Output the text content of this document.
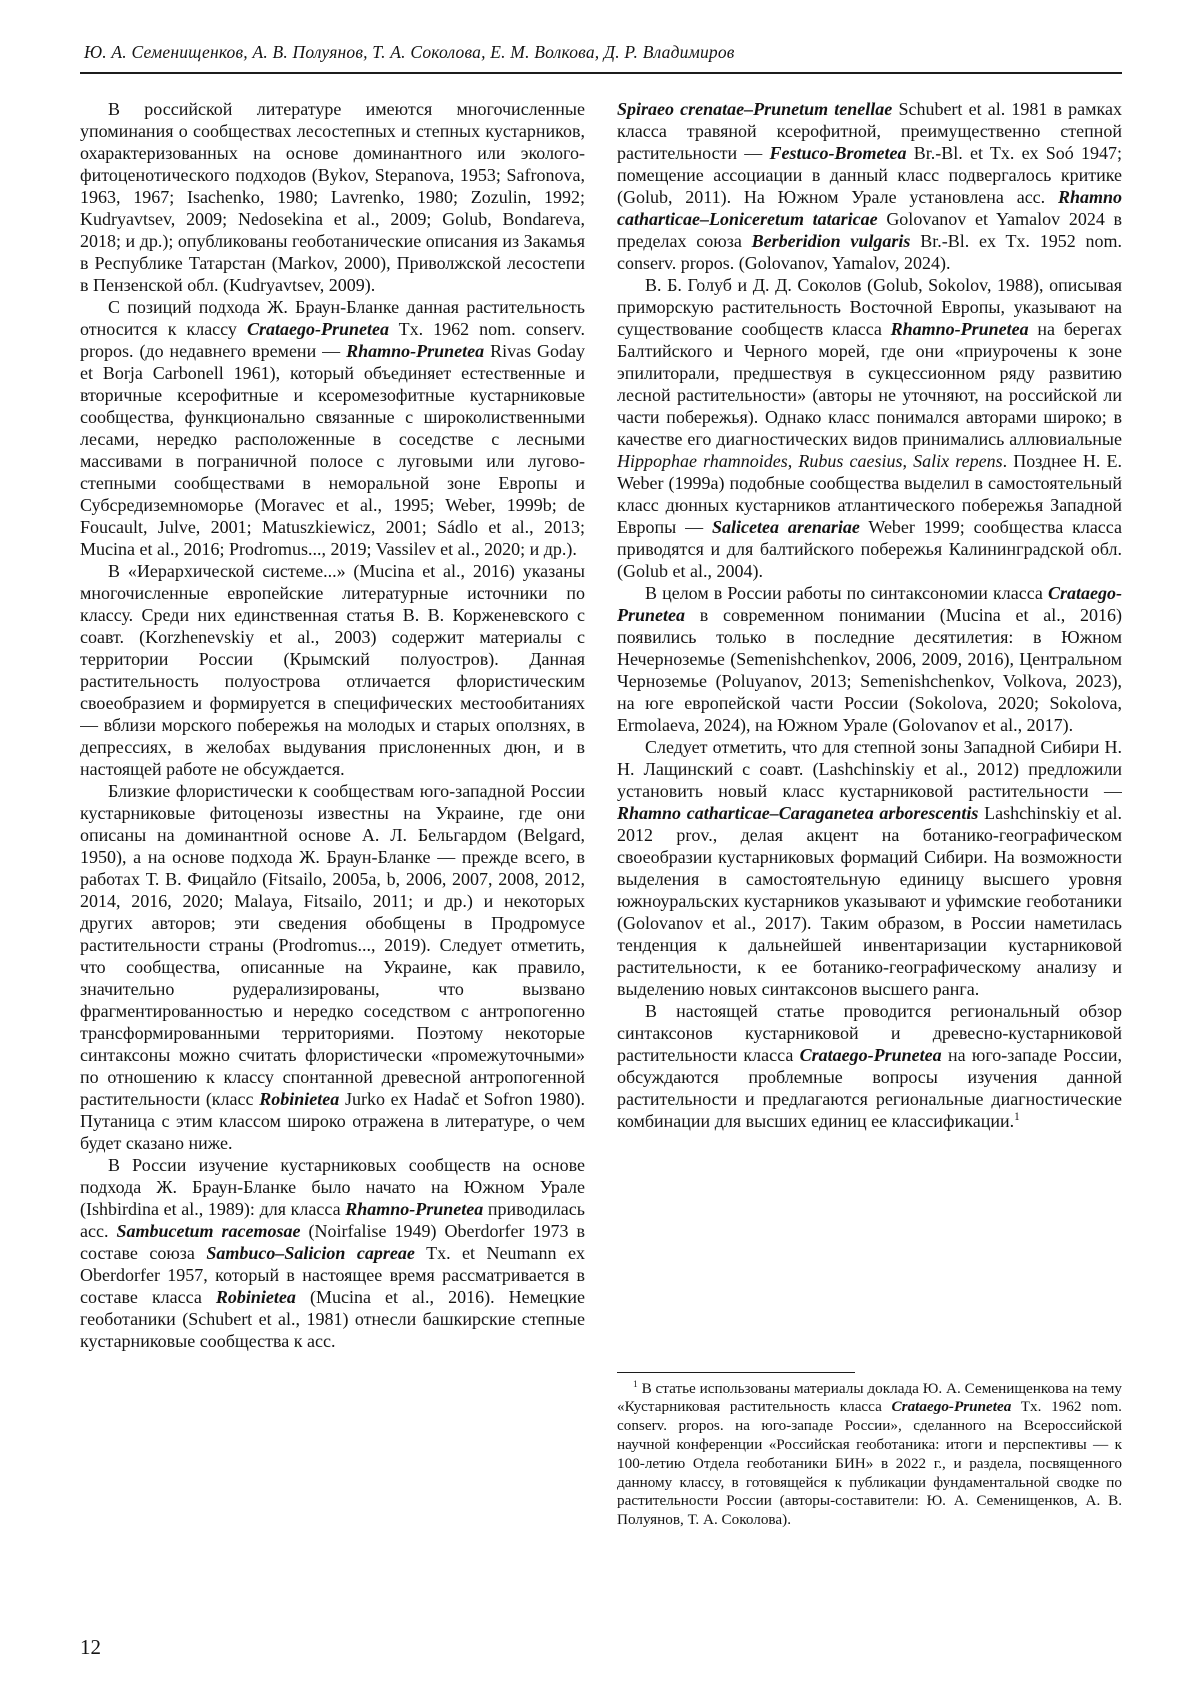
Ю. А. Семенищенков, А. В. Полуянов, Т. А. Соколова, Е. М. Волкова, Д. Р. Владимиров

В российской литературе имеются многочисленные упоминания о сообществах лесостепных и степных кустарников, охарактеризованных на основе доминантного или эколого-фитоценотического подходов (Bykov, Stepanova, 1953; Safronova, 1963, 1967; Isachenko, 1980; Lavrenko, 1980; Zozulin, 1992; Kudryavtsev, 2009; Nedosekina et al., 2009; Golub, Bondareva, 2018; и др.); опубликованы геоботанические описания из Закамья в Республике Татарстан (Markov, 2000), Приволжской лесостепи в Пензенской обл. (Kudryavtsev, 2009).

С позиций подхода Ж. Браун-Бланке данная растительность относится к классу Crataego-Prunetea Tx. 1962 nom. conserv. propos. (до недавнего времени — Rhamno-Prunetea Rivas Goday et Borja Carbonell 1961), который объединяет естественные и вторичные ксерофитные и ксеромезофитные кустарниковые сообщества, функционально связанные с широколиственными лесами, нередко расположенные в соседстве с лесными массивами в пограничной полосе с луговыми или лугово-степными сообществами в неморальной зоне Европы и Субсредиземноморье (Moravec et al., 1995; Weber, 1999b; de Foucault, Julve, 2001; Matuszkiewicz, 2001; Sádlo et al., 2013; Mucina et al., 2016; Prodromus..., 2019; Vassilev et al., 2020; и др.).

В «Иерархической системе...» (Mucina et al., 2016) указаны многочисленные европейские литературные источники по классу. Среди них единственная статья В. В. Корженевского с соавт. (Korzhenevskiy et al., 2003) содержит материалы с территории России (Крымский полуостров). Данная растительность полуострова отличается флористическим своеобразием и формируется в специфических местообитаниях — вблизи морского побережья на молодых и старых оползнях, в депрессиях, в желобах выдувания прислоненных дюн, и в настоящей работе не обсуждается.

Близкие флористически к сообществам юго-западной России кустарниковые фитоценозы известны на Украине, где они описаны на доминантной основе А. Л. Бельгардом (Belgard, 1950), а на основе подхода Ж. Браун-Бланке — прежде всего, в работах Т. В. Фицайло (Fitsailo, 2005a, b, 2006, 2007, 2008, 2012, 2014, 2016, 2020; Malaya, Fitsailo, 2011; и др.) и некоторых других авторов; эти сведения обобщены в Продромусе растительности страны (Prodromus..., 2019). Следует отметить, что сообщества, описанные на Украине, как правило, значительно рудерализированы, что вызвано фрагментированностью и нередко соседством с антропогенно трансформированными территориями. Поэтому некоторые синтаксоны можно считать флористически «промежуточными» по отношению к классу спонтанной древесной антропогенной растительности (класс Robinietea Jurko ex Hadač et Sofron 1980). Путаница с этим классом широко отражена в литературе, о чем будет сказано ниже.

В России изучение кустарниковых сообществ на основе подхода Ж. Браун-Бланке было начато на Южном Урале (Ishbirdina et al., 1989): для класса Rhamno-Prunetea приводилась асс. Sambucetum racemosae (Noirfalise 1949) Oberdorfer 1973 в составе союза Sambuco–Salicion capreae Tx. et Neumann ex Oberdorfer 1957, который в настоящее время рассматривается в составе класса Robinietea (Mucina et al., 2016). Немецкие геоботаники (Schubert et al., 1981) отнесли башкирские степные кустарниковые сообщества к асс.

Spiraeo crenatae–Prunetum tenellae Schubert et al. 1981 в рамках класса травяной ксерофитной, преимущественно степной растительности — Festuco-Brometea Br.-Bl. et Tx. ex Soó 1947; помещение ассоциации в данный класс подвергалось критике (Golub, 2011). На Южном Урале установлена асс. Rhamno catharticae–Loniceretum tataricae Golovanov et Yamalov 2024 в пределах союза Berberidion vulgaris Br.-Bl. ex Tx. 1952 nom. conserv. propos. (Golovanov, Yamalov, 2024).

В. Б. Голуб и Д. Д. Соколов (Golub, Sokolov, 1988), описывая приморскую растительность Восточной Европы, указывают на существование сообществ класса Rhamno-Prunetea на берегах Балтийского и Черного морей, где они «приурочены к зоне эпилиторали, предшествуя в сукцессионном ряду развитию лесной растительности» (авторы не уточняют, на российской ли части побережья). Однако класс понимался авторами широко; в качестве его диагностических видов принимались аллювиальные Hippophae rhamnoides, Rubus caesius, Salix repens. Позднее H. E. Weber (1999a) подобные сообщества выделил в самостоятельный класс дюнных кустарников атлантического побережья Западной Европы — Salicetea arenariae Weber 1999; сообщества класса приводятся и для балтийского побережья Калининградской обл. (Golub et al., 2004).

В целом в России работы по синтаксономии класса Crataego-Prunetea в современном понимании (Mucina et al., 2016) появились только в последние десятилетия: в Южном Нечерноземье (Semenishchenkov, 2006, 2009, 2016), Центральном Черноземье (Poluyanov, 2013; Semenishchenkov, Volkova, 2023), на юге европейской части России (Sokolova, 2020; Sokolova, Ermolaeva, 2024), на Южном Урале (Golovanov et al., 2017).

Следует отметить, что для степной зоны Западной Сибири Н. Н. Лащинский с соавт. (Lashchinskiy et al., 2012) предложили установить новый класс кустарниковой растительности — Rhamno catharticae–Caraganetea arborescentis Lashchinskiy et al. 2012 prov., делая акцент на ботанико-географическом своеобразии кустарниковых формаций Сибири. На возможности выделения в самостоятельную единицу высшего уровня южноуральских кустарников указывают и уфимские геоботаники (Golovanov et al., 2017). Таким образом, в России наметилась тенденция к дальнейшей инвентаризации кустарниковой растительности, к ее ботанико-географическому анализу и выделению новых синтаксонов высшего ранга.

В настоящей статье проводится региональный обзор синтаксонов кустарниковой и древесно-кустарниковой растительности класса Crataego-Prunetea на юго-западе России, обсуждаются проблемные вопросы изучения данной растительности и предлагаются региональные диагностические комбинации для высших единиц ее классификации.$^1$

$^1$ В статье использованы материалы доклада Ю. А. Семенищенкова на тему «Кустарниковая растительность класса Crataego-Prunetea Tx. 1962 nom. conserv. propos. на юго-западе России», сделанного на Всероссийской научной конференции «Российская геоботаника: итоги и перспективы — к 100-летию Отдела геоботаники БИН» в 2022 г., и раздела, посвященного данному классу, в готовящейся к публикации фундаментальной сводке по растительности России (авторы-составители: Ю. А. Семенищенков, А. В. Полуянов, Т. А. Соколова).

12
